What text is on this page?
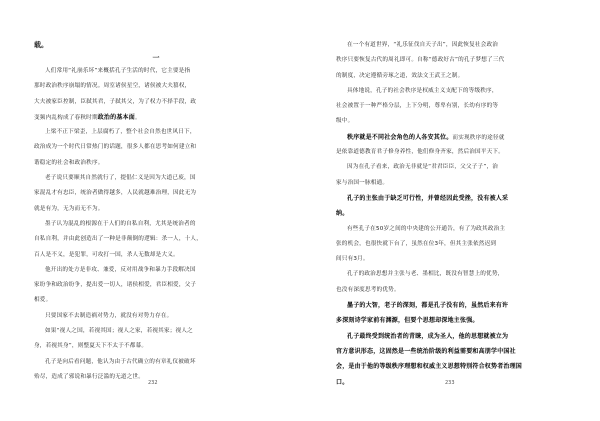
载。
一
人们常用“礼崩乐坏”来概括孔子生活的时代，它主要是指
那时政治秩序崩塌的情况。周室诸侯星空，诸侯被大夫篡权，
大夫被家臣控制，臣弑其君，子弑其父，为了权力不择手段，政
变频内乱构成了春秋时期政治的基本面。
上梁不正下梁歪，上层腐朽了，整个社会自然也世风日下，
政治成为一个时代日常热门的话题，很多人都在思考如何建立和
谐稳定的社会和政治秩序。
老子说只要顺其自然就行了，提倡仁义是因为大道已废，国
家混乱才有忠臣，统治者做得越多，人民就越难治理，因此无为
就是有为，无为而无不为。
墨子认为混乱的根源在于人们的自私自利，尤其是统治者的
自私自利，并由此创造出了一种是非颠倒的逻辑：杀一人，十人，
百人是不义，是犯罪，可攻打一国，杀人无数却是大义。
他开出的处方是非攻、兼爱，反对用战争和暴力手段解决国
家纷争和政治纷争，提出爱一切人，诸侯相爱，君臣相爱，父子
相爱。
只要国家不去制造祸对势力，就没有对势力存在。
如果“视人之国，若视其国；视人之家，若视其家；视人之
身，若视其身”，则整夏天下不太于不都幕。
孔子是向后看问题，他认为由于古代确立的有章礼仪被破坏
殆尽，造成了邪说和暴行泛滥的无道之世。
在一个有道世界，“礼乐征伐自天子出”，因此恢复社会政治
秩序只要恢复古代的周礼即可。自称“德政好古”的孔子梦想了三代
的制度，决定遵循旁琢之道，效法文王武王之制。
具体地说，孔子的社会秩序是权威主义支配下的等级秩序，
社会被置于一种严格分层，上下分明，尊卑有别，长幼有序的等
级中。
秩序就是不同社会角色的人各安其位。而实现秩序的途径就
是依靠道德教育君子修身养性，他们修身齐家，然后治国平天下。
因为在孔子看来，政治无非就是“君君臣臣，父父子子”，治
家与治国一脉相通。
孔子的主张由于缺乏可行性，并曾经因此受挫，没有被人采
纳。
有些孔子在50岁之间的中央建的公开通告，有了为政其政治主
张的机会，也很快就下台了，虽然在位3年，但其主张依然迟到
间只有3月。
孔子的政治思想并主张与老、墨相比，既没有智慧上的优势，
也没有深度思考的优势。
墨子的大智，老子的深刻，都是孔子没有的，虽然后来有许
多深刻诗学家前有渊源，但要个思想却深地主张强。
孔子最终受到统治者的青睐，成为圣人，他的思想就被立为
官方意识形态，这固然是一些统治阶级的利益需要和高朋学中国社
会，是由于他的等级秩序理想和权威主义思想特别符合权势者治理国
口。
232	233
